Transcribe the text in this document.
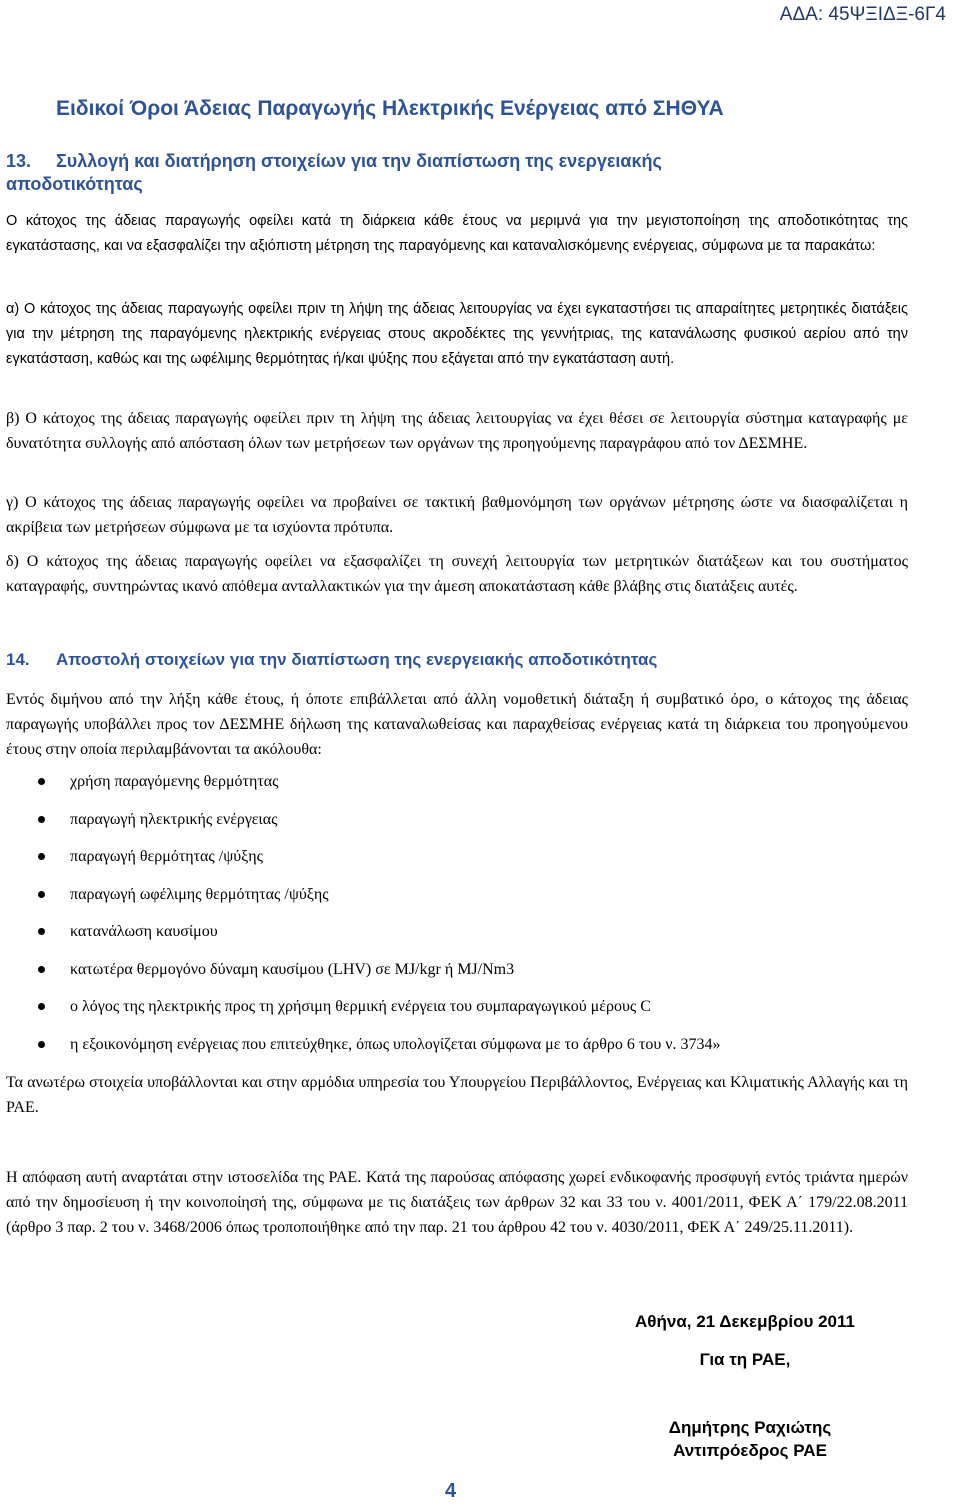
ΑΔΑ: 45ΨΞΙΔΞ-6Γ4
Ειδικοί Όροι Άδειας Παραγωγής Ηλεκτρικής Ενέργειας από ΣΗΘΥΑ
13. Συλλογή και διατήρηση στοιχείων για την διαπίστωση της ενεργειακής
αποδοτικότητας
Ο κάτοχος της άδειας παραγωγής οφείλει κατά τη διάρκεια κάθε έτους να μεριμνά για την μεγιστοποίηση της αποδοτικότητας της εγκατάστασης, και να εξασφαλίζει την αξιόπιστη μέτρηση της παραγόμενης και καταναλισκόμενης ενέργειας, σύμφωνα με τα παρακάτω:
α) Ο κάτοχος της άδειας παραγωγής οφείλει πριν τη λήψη της άδειας λειτουργίας να έχει εγκαταστήσει τις απαραίτητες μετρητικές διατάξεις για την μέτρηση της παραγόμενης ηλεκτρικής ενέργειας στους ακροδέκτες της γεννήτριας, της κατανάλωσης φυσικού αερίου από την εγκατάσταση, καθώς και της ωφέλιμης θερμότητας ή/και ψύξης που εξάγεται από την εγκατάσταση αυτή.
β) Ο κάτοχος της άδειας παραγωγής οφείλει πριν τη λήψη της άδειας λειτουργίας να έχει θέσει σε λειτουργία σύστημα καταγραφής με δυνατότητα συλλογής από απόσταση όλων των μετρήσεων των οργάνων της προηγούμενης παραγράφου από τον ΔΕΣΜΗΕ.
γ) Ο κάτοχος της άδειας παραγωγής οφείλει να προβαίνει σε τακτική βαθμονόμηση των οργάνων μέτρησης ώστε να διασφαλίζεται η ακρίβεια των μετρήσεων σύμφωνα με τα ισχύοντα πρότυπα.
δ) Ο κάτοχος της άδειας παραγωγής οφείλει να εξασφαλίζει τη συνεχή λειτουργία των μετρητικών διατάξεων και του συστήματος καταγραφής, συντηρώντας ικανό απόθεμα ανταλλακτικών για την άμεση αποκατάσταση κάθε βλάβης στις διατάξεις αυτές.
14. Αποστολή στοιχείων για την διαπίστωση της ενεργειακής αποδοτικότητας
Εντός διμήνου από την λήξη κάθε έτους, ή όποτε επιβάλλεται από άλλη νομοθετική διάταξη ή συμβατικό όρο, ο κάτοχος της άδειας παραγωγής υποβάλλει προς τον ΔΕΣΜΗΕ δήλωση της καταναλωθείσας και παραχθείσας ενέργειας κατά τη διάρκεια του προηγούμενου έτους στην οποία περιλαμβάνονται τα ακόλουθα:
χρήση παραγόμενης θερμότητας
παραγωγή ηλεκτρικής ενέργειας
παραγωγή θερμότητας /ψύξης
παραγωγή ωφέλιμης θερμότητας /ψύξης
κατανάλωση καυσίμου
κατωτέρα θερμογόνο δύναμη καυσίμου (LHV) σε MJ/kgr ή MJ/Nm3
ο λόγος της ηλεκτρικής προς τη χρήσιμη θερμική ενέργεια του συμπαραγωγικού μέρους C
η εξοικονόμηση ενέργειας που επιτεύχθηκε, όπως υπολογίζεται σύμφωνα με το άρθρο 6 του ν. 3734»
Τα ανωτέρω στοιχεία υποβάλλονται και στην αρμόδια υπηρεσία του Υπουργείου Περιβάλλοντος, Ενέργειας και Κλιματικής Αλλαγής και τη ΡΑΕ.
Η απόφαση αυτή αναρτάται στην ιστοσελίδα της ΡΑΕ. Κατά της παρούσας απόφασης χωρεί ενδικοφανής προσφυγή εντός τριάντα ημερών από την δημοσίευση ή την κοινοποίησή της, σύμφωνα με τις διατάξεις των άρθρων 32 και 33 του ν. 4001/2011, ΦΕΚ Α΄ 179/22.08.2011 (άρθρο 3 παρ. 2 του ν. 3468/2006 όπως τροποποιήθηκε από την παρ. 21 του άρθρου 42 του ν. 4030/2011, ΦΕΚ Α΄ 249/25.11.2011).
Αθήνα, 21 Δεκεμβρίου 2011
Για τη ΡΑΕ,
Δημήτρης Ραχιώτης
Αντιπρόεδρος ΡΑΕ
4
